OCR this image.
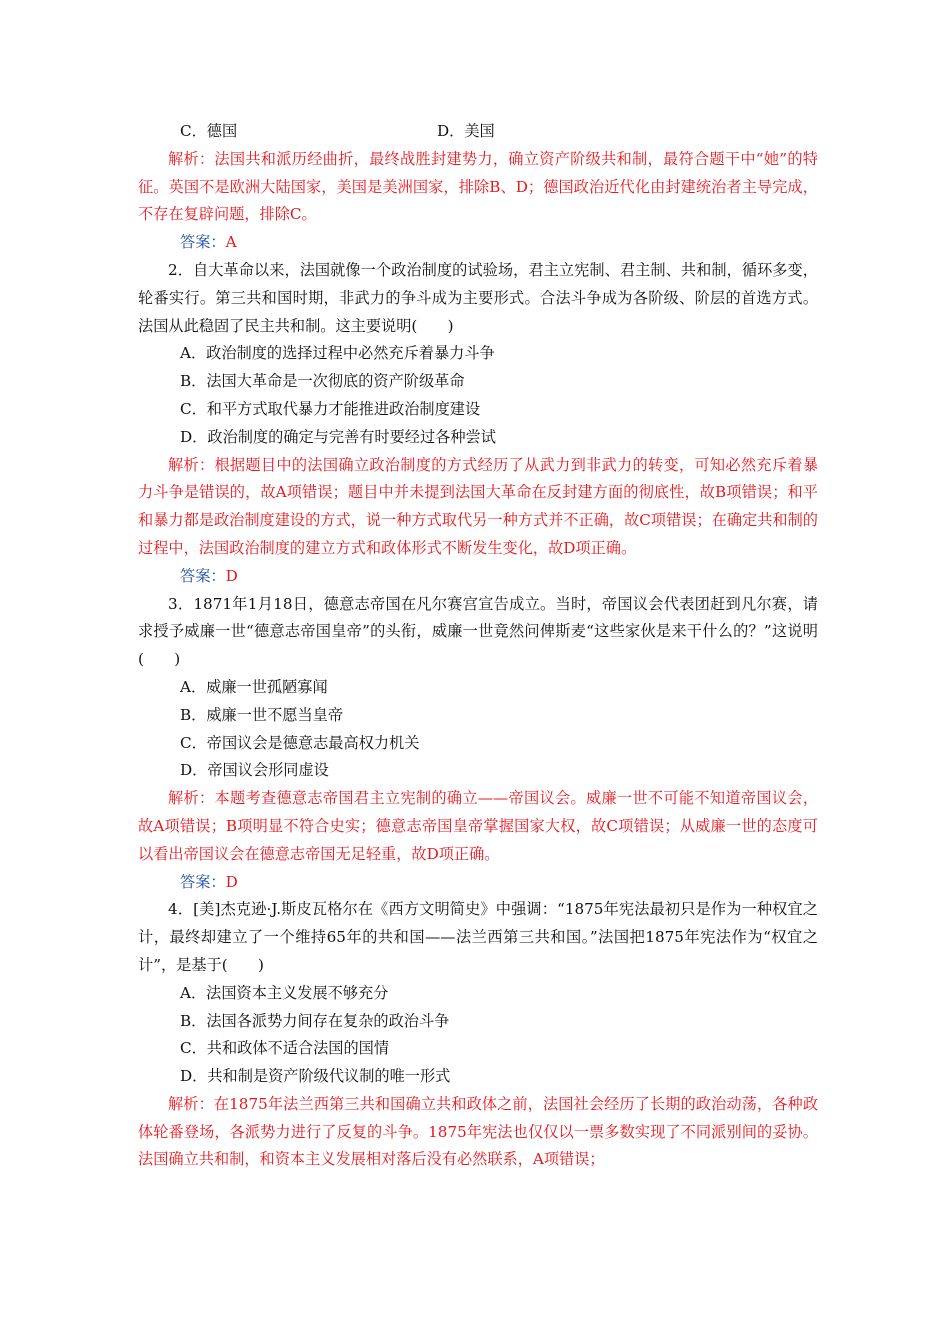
C．德国	D．美国
解析：法国共和派历经曲折，最终战胜封建势力，确立资产阶级共和制，最符合题干中“她”的特征。英国不是欧洲大陆国家，美国是美洲国家，排除B、D；德国政治近代化由封建统治者主导完成，不存在复辟问题，排除C。
答案：A
2．自大革命以来，法国就像一个政治制度的试验场，君主立宪制、君主制、共和制，循环多变，轮番实行。第三共和国时期，非武力的争斗成为主要形式。合法斗争成为各阶级、阶层的首选方式。法国从此稳固了民主共和制。这主要说明(　　)
A．政治制度的选择过程中必然充斥着暴力斗争
B．法国大革命是一次彻底的资产阶级革命
C．和平方式取代暴力才能推进政治制度建设
D．政治制度的确定与完善有时要经过各种尝试
解析：根据题目中的法国确立政治制度的方式经历了从武力到非武力的转变，可知必然充斥着暴力斗争是错误的，故A项错误；题目中并未提到法国大革命在反封建方面的彻底性，故B项错误；和平和暴力都是政治制度建设的方式，说一种方式取代另一种方式并不正确，故C项错误；在确定共和制的过程中，法国政治制度的建立方式和政体形式不断发生变化，故D项正确。
答案：D
3．1871年1月18日，德意志帝国在凡尔赛宫宣告成立。当时，帝国议会代表团赶到凡尔赛，请求授予威廉一世“德意志帝国皇帝”的头衔，威廉一世竟然问俾斯麦“这些家伙是来干什么的？”这说明(　　)
A．威廉一世孤陋寡闻
B．威廉一世不愿当皇帝
C．帝国议会是德意志最高权力机关
D．帝国议会形同虚设
解析：本题考查德意志帝国君主立宪制的确立——帝国议会。威廉一世不可能不知道帝国议会，故A项错误；B项明显不符合史实；德意志帝国皇帝掌握国家大权，故C项错误；从威廉一世的态度可以看出帝国议会在德意志帝国无足轻重，故D项正确。
答案：D
4．[美]杰克逊·J.斯皮瓦格尔在《西方文明简史》中强调：“1875年宪法最初只是作为一种权宜之计，最终却建立了一个维持65年的共和国——法兰西第三共和国。”法国把1875年宪法作为“权宜之计”，是基于(　　)
A．法国资本主义发展不够充分
B．法国各派势力间存在复杂的政治斗争
C．共和政体不适合法国的国情
D．共和制是资产阶级代议制的唯一形式
解析：在1875年法兰西第三共和国确立共和政体之前，法国社会经历了长期的政治动荡，各种政体轮番登场，各派势力进行了反复的斗争。1875年宪法也仅仅以一票多数实现了不同派别间的妥协。法国确立共和制，和资本主义发展相对落后没有必然联系，A项错误；
